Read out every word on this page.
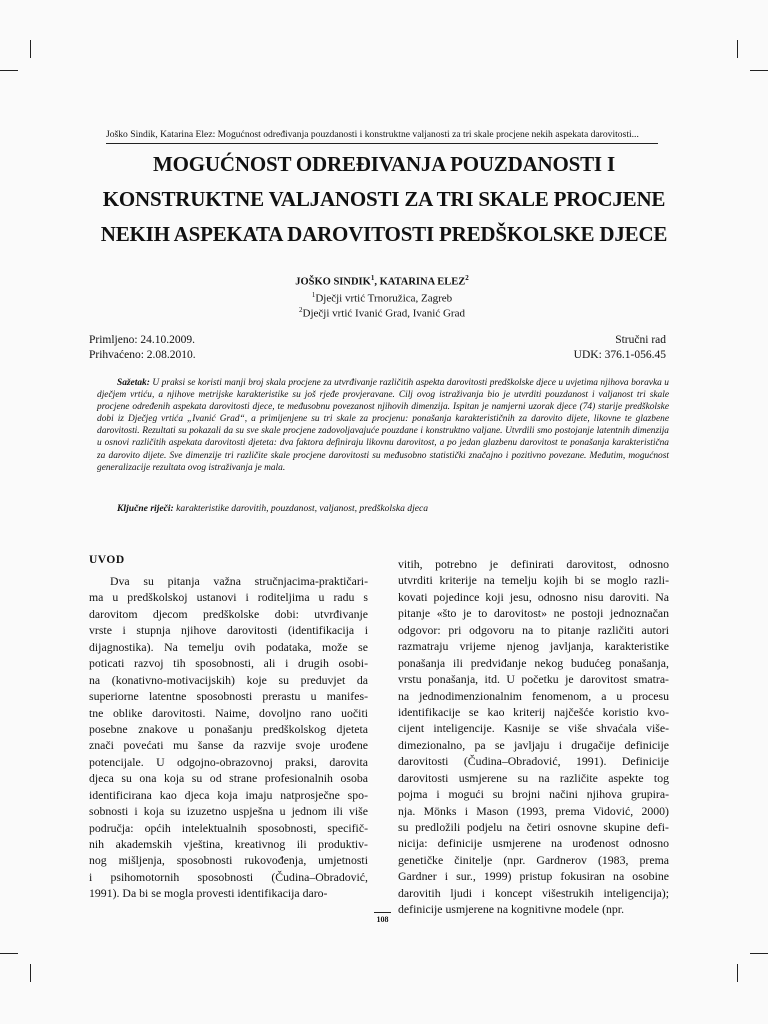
Joško Sindik, Katarina Elez: Mogućnost određivanja pouzdanosti i konstruktne valjanosti za tri skale procjene nekih aspekata darovitosti...
MOGUĆNOST ODREĐIVANJA POUZDANOSTI I
KONSTRUKTNE VALJANOSTI ZA TRI SKALE PROCJENE
NEKIH ASPEKATA DAROVITOSTI PREDŠKOLSKE DJECE
JOŠKO SINDIK$^1$, KATARINA ELEZ$^2$
$^1$Dječji vrtić Trnoružica, Zagreb
$^2$Dječji vrtić Ivanić Grad, Ivanić Grad
Primljeno: 24.10.2009.
Prihvaćeno: 2.08.2010.
Stručni rad
UDK: 376.1-056.45
Sažetak: U praksi se koristi manji broj skala procjene za utvrđivanje različitih aspekta darovitosti predškolske djece u uvjetima njihova boravka u dječjem vrtiću, a njihove metrijske karakteristike su još rjeđe provjeravane. Cilj ovog istraživanja bio je utvrditi pouzdanost i valjanost tri skale procjene određenih aspekata darovitosti djece, te međusobnu povezanost njihovih dimenzija. Ispitan je namjerni uzorak djece (74) starije predškolske dobi iz Dječjeg vrtića „Ivanić Grad“, a primijenjene su tri skale za procjenu: ponašanja karakterističnih za darovito dijete, likovne te glazbene darovitosti. Rezultati su pokazali da su sve skale procjene zadovoljavajuće pouzdane i konstruktno valjane. Utvrdili smo postojanje latentnih dimenzija u osnovi različitih aspekata darovitosti djeteta: dva faktora definiraju likovnu darovitost, a po jedan glazbenu darovitost te ponašanja karakteristična za darovito dijete. Sve dimenzije tri različite skale procjene darovitosti su međusobno statistički značajno i pozitivno povezane. Međutim, mogućnost generalizacije rezultata ovog istraživanja je mala.
Ključne riječi: karakteristike darovitih, pouzdanost, valjanost, predškolska djeca
UVOD
Dva su pitanja važna stručnjacima-praktičari-
ma u predškolskoj ustanovi i roditeljima u radu s
darovitom djecom predškolske dobi: utvrđivanje
vrste i stupnja njihove darovitosti (identifikacija i
dijagnostika). Na temelju ovih podataka, može se
poticati razvoj tih sposobnosti, ali i drugih osobi-
na (konativno-motivacijskih) koje su preduvjet da
superiorne latentne sposobnosti prerastu u manifes-
tne oblike darovitosti. Naime, dovoljno rano uočiti
posebne znakove u ponašanju predškolskog djeteta
znači povećati mu šanse da razvije svoje urođene
potencijale. U odgojno-obrazovnoj praksi, darovita
djeca su ona koja su od strane profesionalnih osoba
identificirana kao djeca koja imaju natprosječne spo-
sobnosti i koja su izuzetno uspješna u jednom ili više
područja: općih intelektualnih sposobnosti, specifič-
nih akademskih vještina, kreativnog ili produktiv-
nog mišljenja, sposobnosti rukovođenja, umjetnosti
i psihomotornih sposobnosti (Čudina–Obradović,
1991). Da bi se mogla provesti identifikacija daro-
vitih, potrebno je definirati darovitost, odnosno
utvrditi kriterije na temelju kojih bi se moglo razli-
kovati pojedince koji jesu, odnosno nisu daroviti. Na
pitanje «što je to darovitost» ne postoji jednoznačan
odgovor: pri odgovoru na to pitanje različiti autori
razmatraju vrijeme njenog javljanja, karakteristike
ponašanja ili predviđanje nekog budućeg ponašanja,
vrstu ponašanja, itd. U početku je darovitost smatra-
na jednodimenzionalnim fenomenom, a u procesu
identifikacije se kao kriterij najčešće koristio kvo-
cijent inteligencije. Kasnije se više shvaćala više-
dimezionalno, pa se javljaju i drugačije definicije
darovitosti (Čudina–Obradović, 1991). Definicije
darovitosti usmjerene su na različite aspekte tog
pojma i mogući su brojni načini njihova grupira-
nja. Mönks i Mason (1993, prema Vidović, 2000)
su predložili podjelu na četiri osnovne skupine defi-
nicija: definicije usmjerene na urođenost odnosno
genetičke činitelje (npr. Gardnerov (1983, prema
Gardner i sur., 1999) pristup fokusiran na osobine
darovitih ljudi i koncept višestrukih inteligencija);
definicije usmjerene na kognitivne modele (npr.
108
